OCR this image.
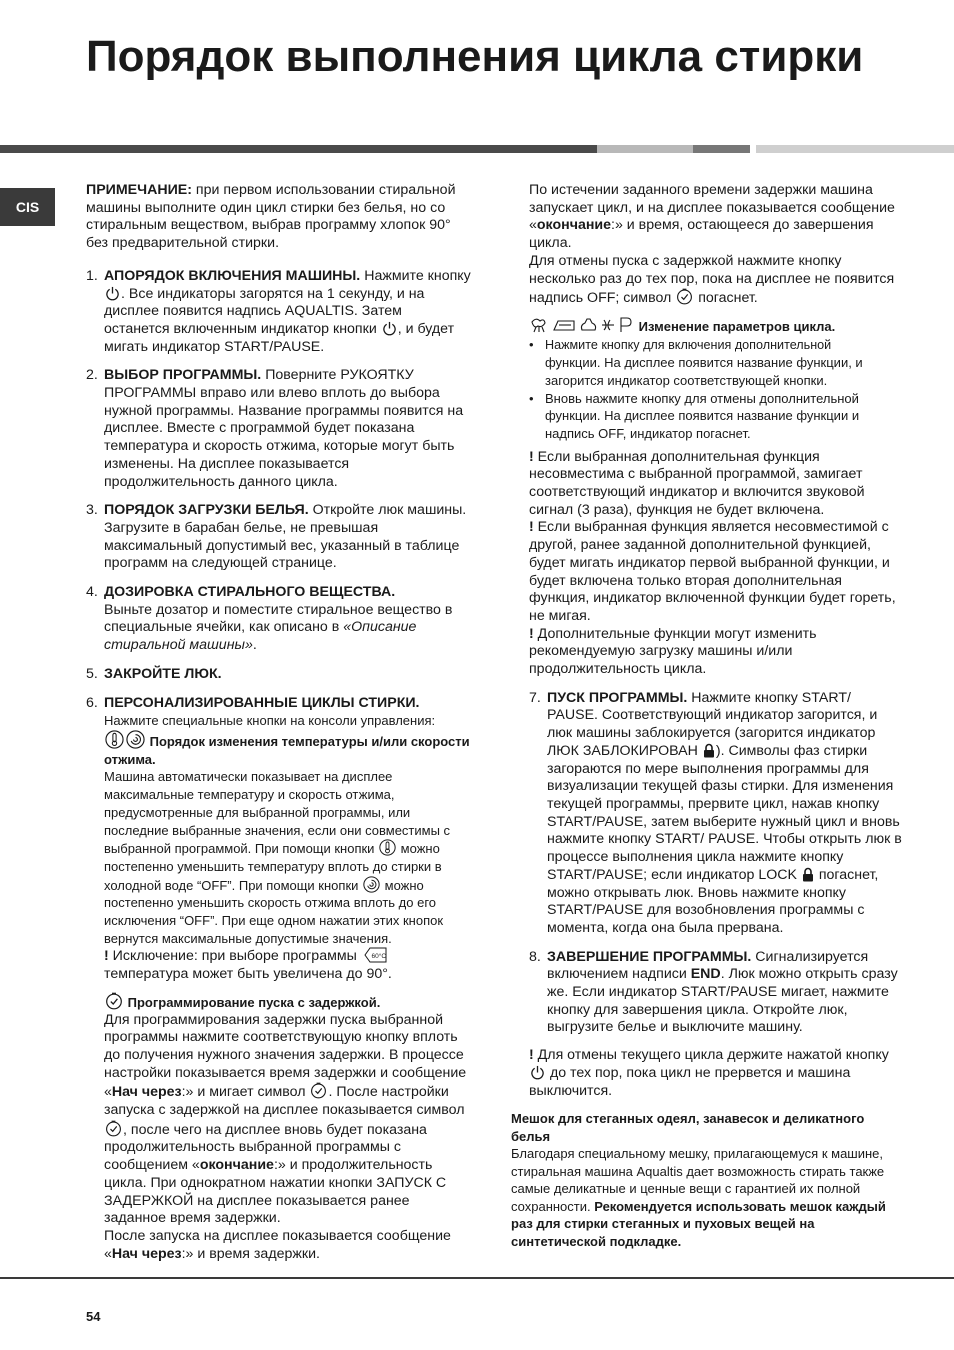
Порядок выполнения цикла стирки
CIS

ПРИМЕЧАНИЕ: при первом использовании стиральной машины выполните один цикл стирки без белья, но со стиральным веществом, выбрав программу хлопок 90° без предварительной стирки.

1. АПОРЯДОК ВКЛЮЧЕНИЯ МАШИНЫ. Нажмите кнопку . Все индикаторы загорятся на 1 секунду, и на дисплее появится надпись AQUALTIS. Затем останется включенным индикатор кнопки , и будет мигать индикатор START/PAUSE.
2. ВЫБОР ПРОГРАММЫ. Поверните РУКОЯТКУ ПРОГРАММЫ вправо или влево вплоть до выбора нужной программы. Название программы появится на дисплее. Вместе с программой будет показана температура и скорость отжима, которые могут быть изменены. На дисплее показывается продолжительность данного цикла.
3. ПОРЯДОК ЗАГРУЗКИ БЕЛЬЯ. Откройте люк машины. Загрузите в барабан белье, не превышая максимальный допустимый вес, указанный в таблице программ на следующей странице.
4. ДОЗИРОВКА СТИРАЛЬНОГО ВЕЩЕСТВА.
Выньте дозатор и поместите стиральное вещество в специальные ячейки, как описано в «Описание стиральной машины».
5. ЗАКРОЙТЕ ЛЮК.
6. ПЕРСОНАЛИЗИРОВАННЫЕ ЦИКЛЫ СТИРКИ.
Нажмите специальные кнопки на консоли управления:
Порядок изменения температуры и/или скорости отжима.
Машина автоматически показывает на дисплее максимальные температуру и скорость отжима, предусмотренные для выбранной программы, или последние выбранные значения, если они совместимы с выбранной программой. При помощи кнопки  можно постепенно уменьшить температуру вплоть до стирки в холодной воде “OFF”. При помощи кнопки  можно постепенно уменьшить скорость отжима вплоть до его исключения “OFF”. При еще одном нажатии этих кнопок вернутся максимальные допустимые значения.
! Исключение: при выборе программы 60°C
температура может быть увеличена до 90°.
Программирование пуска с задержкой.
Для программирования задержки пуска выбранной программы нажмите соответствующую кнопку вплоть до получения нужного значения задержки. В процессе настройки показывается время задержки и сообщение «Нач через:» и мигает символ . После настройки запуска с задержкой на дисплее показывается символ , после чего на дисплее вновь будет показана продолжительность выбранной программы с сообщением «окончание:» и продолжительность цикла. При однократном нажатии кнопки ЗАПУСК С ЗАДЕРЖКОЙ на дисплее показывается ранее заданное время задержки.
После запуска на дисплее показывается сообщение «Нач через:» и время задержки.

По истечении заданного времени задержки машина запускает цикл, и на дисплее показывается сообщение «окончание:» и время, остающееся до завершения цикла.

Для отмены пуска с задержкой нажмите кнопку несколько раз до тех пор, пока на дисплее не появится надпись OFF; символ  погаснет.

Изменение параметров цикла.
• Нажмите кнопку для включения дополнительной
функции. На дисплее появится название функции, и загорится индикатор соответствующей кнопки.
• Вновь нажмите кнопку для отмены дополнительной функции. На дисплее появится название функции и надпись OFF, индикатор погаснет.

! Если выбранная дополнительная функция несовместима с выбранной программой, замигает соответствующий индикатор и включится звуковой сигнал (3 раза), функция не будет включена.

! Если выбранная функция является несовместимой с другой, ранее заданной дополнительной функцией, будет мигать индикатор первой выбранной функции, и будет включена только вторая дополнительная функция, индикатор включенной функции будет гореть, не мигая.

! Дополнительные функции могут изменить рекомендуемую загрузку машины и/или продолжительность цикла.

7. ПУСК ПРОГРАММЫ. Нажмите кнопку START/ PAUSE. Соответствующий индикатор загорится, и люк машины заблокируется (загорится индикатор ЛЮК ЗАБЛОКИРОВАН ). Символы фаз стирки загораются по мере выполнения программы для визуализации текущей фазы стирки. Для изменения текущей программы, прервите цикл, нажав кнопку START/PAUSE, затем выберите нужный цикл и вновь нажмите кнопку START/ PAUSE. Чтобы открыть люк в процессе выполнения цикла нажмите кнопку START/PAUSE; если индикатор LOCK  погаснет, можно открывать люк. Вновь нажмите кнопку START/PAUSE для возобновления программы с момента, когда она была прервана.
8. ЗАВЕРШЕНИЕ ПРОГРАММЫ. Сигнализируется включением надписи END. Люк можно открыть сразу же. Если индикатор START/PAUSE мигает, нажмите кнопку для завершения цикла. Откройте люк, выгрузите белье и выключите машину.

! Для отмены текущего цикла держите нажатой кнопку  до тех пор, пока цикл не прервется и машина выключится.

Мешок для стеганных одеял, занавесок и деликатного белья
Благодаря специальному мешку, прилагающемуся к машине, стиральная машина Aqualtis дает возможность стирать также самые деликатные и ценные вещи с гарантией их полной сохранности. Рекомендуется использовать мешок каждый раз для стирки стеганных и пуховых вещей на синтетической подкладке.
54
